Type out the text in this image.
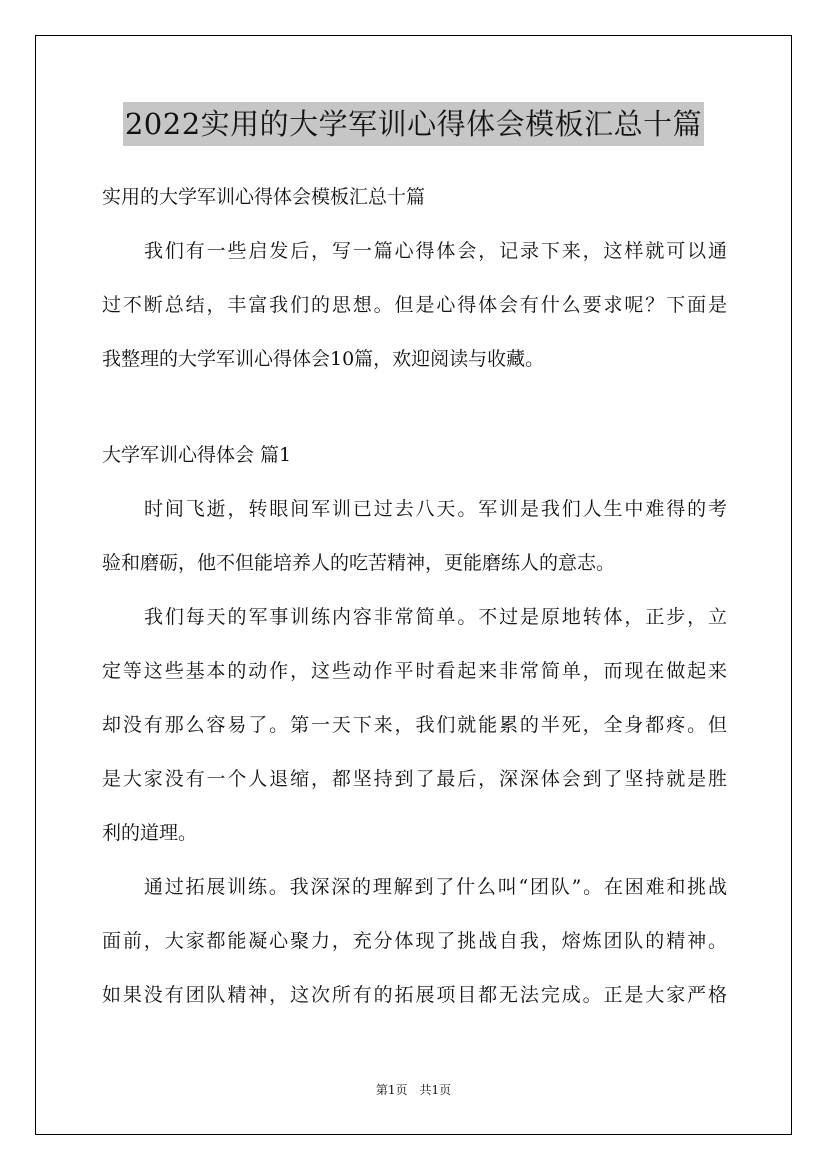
2022实用的大学军训心得体会模板汇总十篇
实用的大学军训心得体会模板汇总十篇
我们有一些启发后，写一篇心得体会，记录下来，这样就可以通
过不断总结，丰富我们的思想。但是心得体会有什么要求呢？下面是
我整理的大学军训心得体会10篇，欢迎阅读与收藏。
大学军训心得体会 篇1
时间飞逝，转眼间军训已过去八天。军训是我们人生中难得的考
验和磨砺，他不但能培养人的吃苦精神，更能磨练人的意志。
我们每天的军事训练内容非常简单。不过是原地转体，正步，立
定等这些基本的动作，这些动作平时看起来非常简单，而现在做起来
却没有那么容易了。第一天下来，我们就能累的半死，全身都疼。但
是大家没有一个人退缩，都坚持到了最后，深深体会到了坚持就是胜
利的道理。
通过拓展训练。我深深的理解到了什么叫“团队”。在困难和挑战
面前，大家都能凝心聚力，充分体现了挑战自我，熔炼团队的精神。
如果没有团队精神，这次所有的拓展项目都无法完成。正是大家严格
第1页 共1页
